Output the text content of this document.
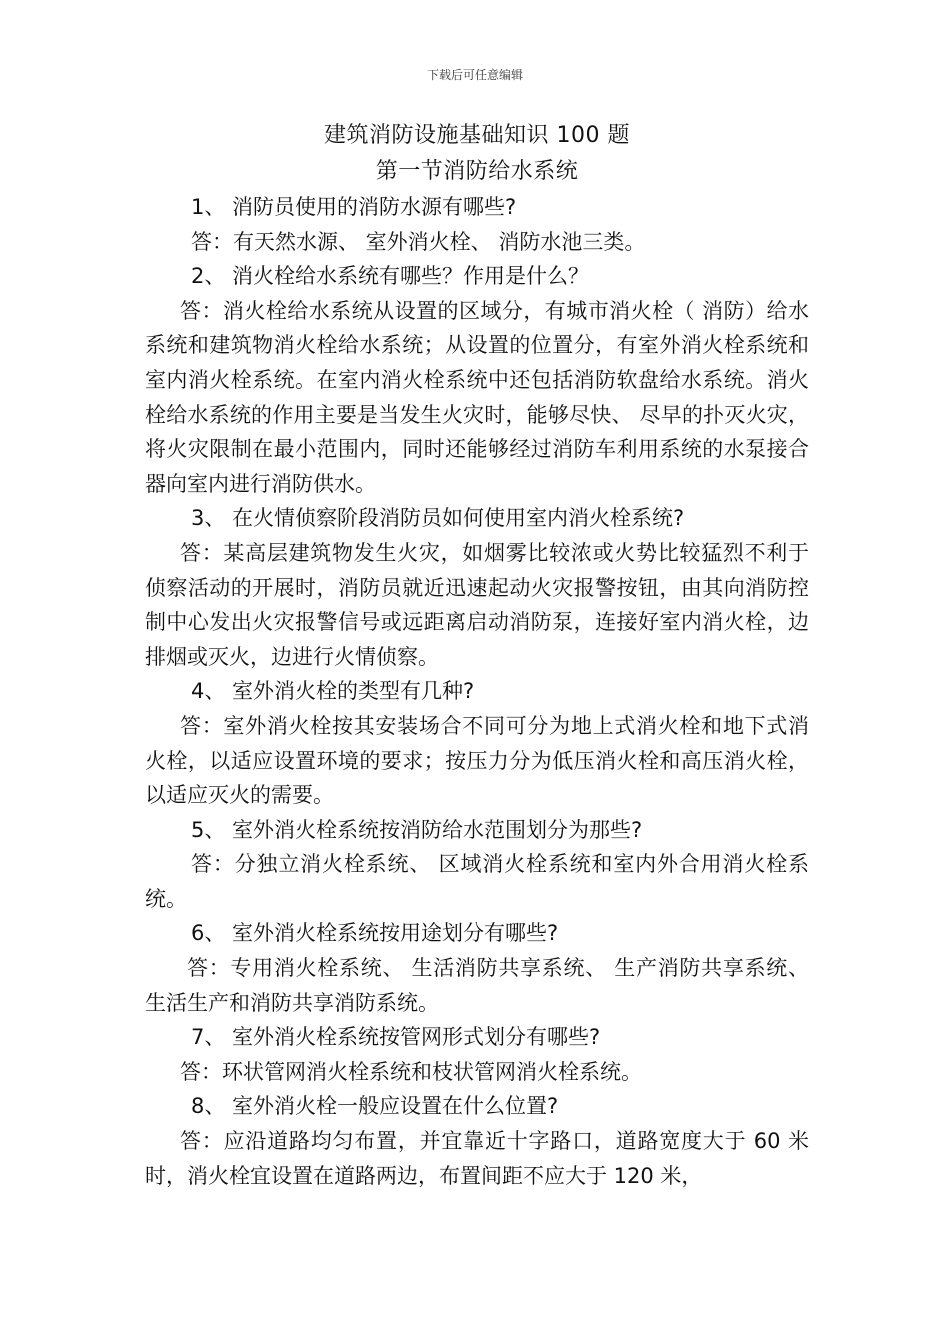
下载后可任意编辑
建筑消防设施基础知识 100 题
第一节消防给水系统
1、 消防员使用的消防水源有哪些?
答：有天然水源、 室外消火栓、 消防水池三类。
2、 消火栓给水系统有哪些？作用是什么？
答：消火栓给水系统从设置的区域分，有城市消火栓（ 消防）给水系统和建筑物消火栓给水系统；从设置的位置分，有室外消火栓系统和室内消火栓系统。在室内消火栓系统中还包括消防软盘给水系统。消火栓给水系统的作用主要是当发生火灾时，能够尽快、 尽早的扑灭火灾，将火灾限制在最小范围内，同时还能够经过消防车利用系统的水泵接合器向室内进行消防供水。
3、 在火情侦察阶段消防员如何使用室内消火栓系统?
答：某高层建筑物发生火灾，如烟雾比较浓或火势比较猛烈不利于侦察活动的开展时，消防员就近迅速起动火灾报警按钮，由其向消防控制中心发出火灾报警信号或远距离启动消防泵，连接好室内消火栓，边排烟或灭火，边进行火情侦察。
4、 室外消火栓的类型有几种?
答：室外消火栓按其安装场合不同可分为地上式消火栓和地下式消火栓，以适应设置环境的要求；按压力分为低压消火栓和高压消火栓，以适应灭火的需要。
5、 室外消火栓系统按消防给水范围划分为那些?
答：分独立消火栓系统、 区域消火栓系统和室内外合用消火栓系统。
6、 室外消火栓系统按用途划分有哪些?
答：专用消火栓系统、 生活消防共享系统、 生产消防共享系统、 生活生产和消防共享消防系统。
7、 室外消火栓系统按管网形式划分有哪些?
答：环状管网消火栓系统和枝状管网消火栓系统。
8、 室外消火栓一般应设置在什么位置?
答：应沿道路均匀布置，并宜靠近十字路口，道路宽度大于 60 米时，消火栓宜设置在道路两边，布置间距不应大于 120 米，
